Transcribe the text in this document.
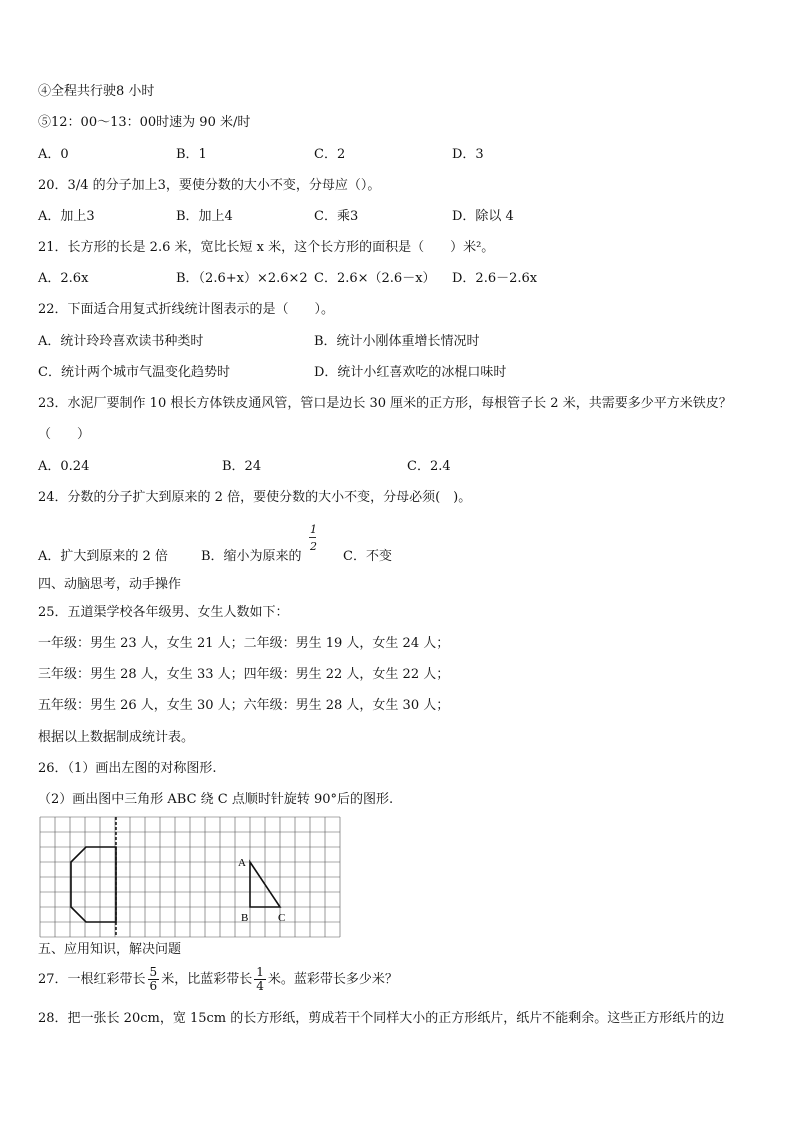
④全程共行驶8 小时
⑤12：00～13：00时速为 90 米/时
A．0	B．1	C．2	D．3
20．3/4 的分子加上3，要使分数的大小不变，分母应（）。
A．加上3	B．加上4	C．乘3	D．除以 4
21．长方形的长是 2.6 米，宽比长短 x 米，这个长方形的面积是（　　）米²。
A．2.6x	B．（2.6+x）×2.6×2 C．2.6×（2.6－x） D．2.6－2.6x
22．下面适合用复式折线统计图表示的是（　　）。
A．统计玲玲喜欢读书种类时	B．统计小刚体重增长情况时
C．统计两个城市气温变化趋势时	D．统计小红喜欢吃的冰棍口味时
23．水泥厂要制作 10 根长方体铁皮通风管，管口是边长 30 厘米的正方形，每根管子长 2 米，共需要多少平方米铁皮？
（　　）
A．0.24	B．24	C．2.4
24．分数的分子扩大到原来的 2 倍，要使分数的大小不变，分母必须(　)。
A．扩大到原来的 2 倍	B．缩小为原来的
1
2
C．不变
四、动脑思考，动手操作
25．五道渠学校各年级男、女生人数如下：
一年级：男生 23 人，女生 21 人；二年级：男生 19 人，女生 24 人；
三年级：男生 28 人，女生 33 人；四年级：男生 22 人，女生 22 人；
五年级：男生 26 人，女生 30 人；六年级：男生 28 人，女生 30 人；
根据以上数据制成统计表。
26．（1）画出左图的对称图形.
（2）画出图中三角形 ABC 绕 C 点顺时针旋转 90°后的图形.
A
B	C
五、应用知识，解决问题
27．一根红彩带长 $\frac{5}{6}$ 米，比蓝彩带长 $\frac{1}{4}$ 米。蓝彩带长多少米？
28．把一张长 20cm，宽 15cm 的长方形纸，剪成若干个同样大小的正方形纸片，纸片不能剩余。这些正方形纸片的边
